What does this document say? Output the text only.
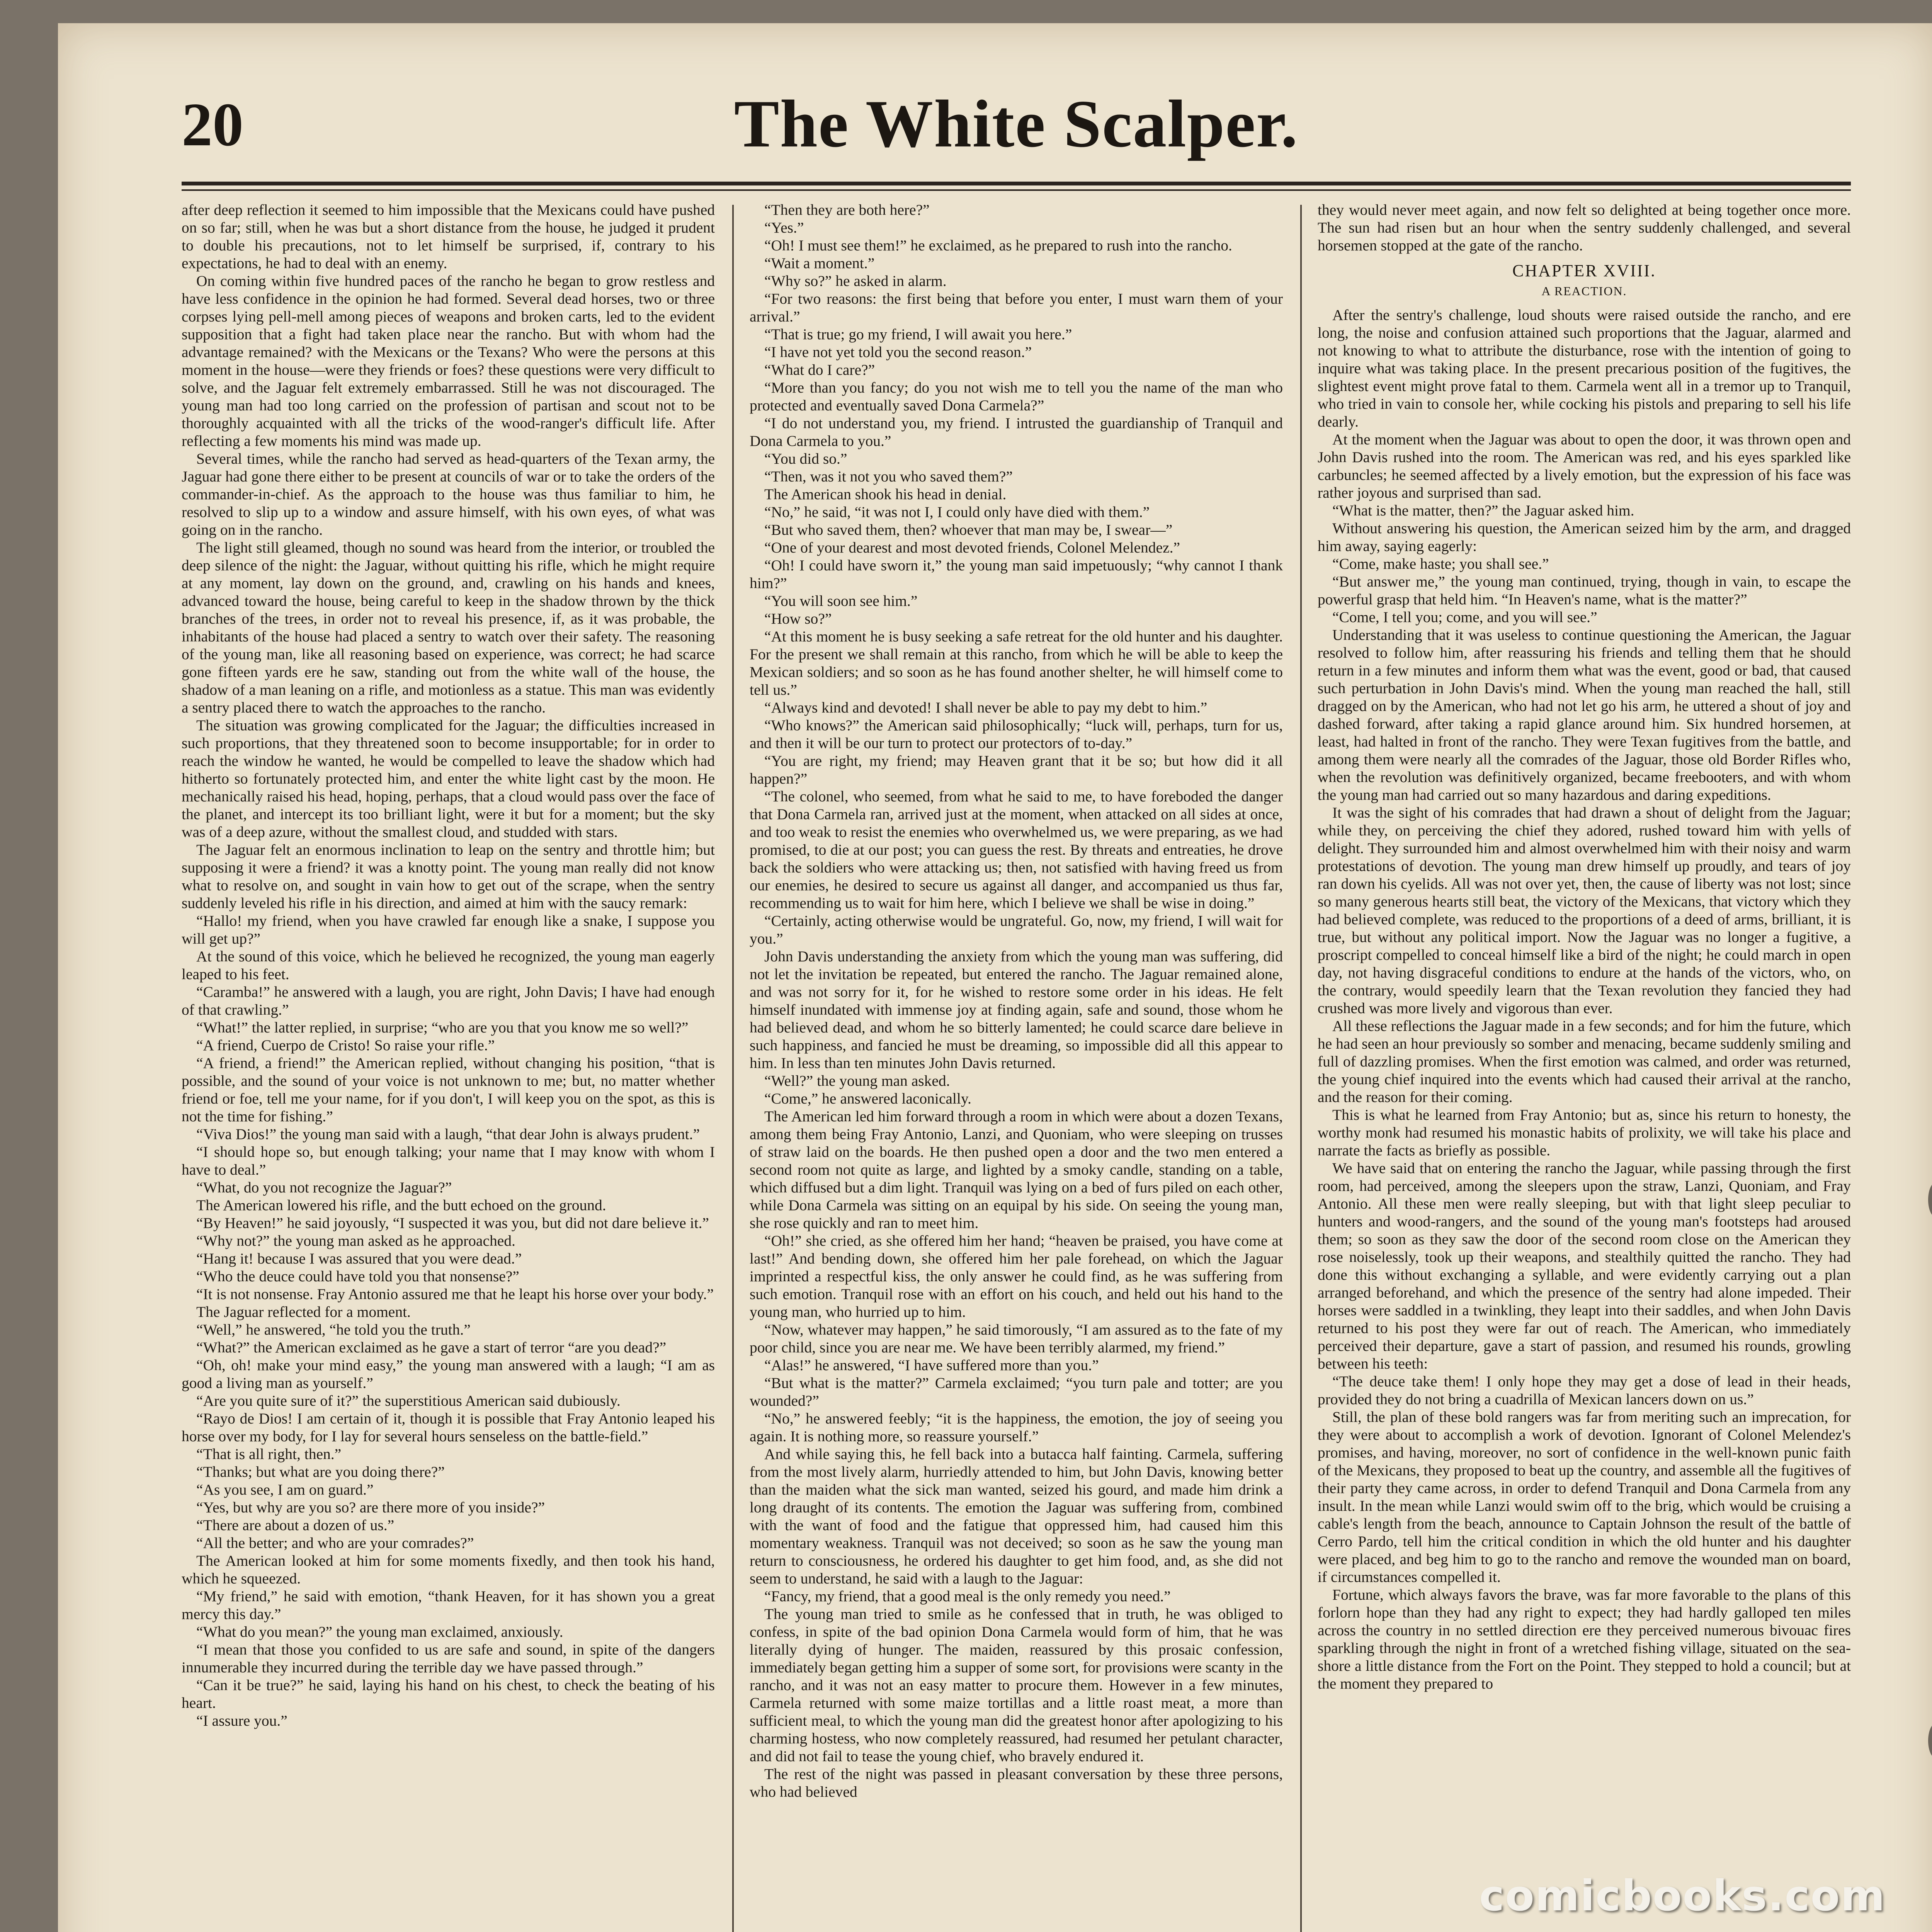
20	The White Scalper.

after deep reflection it seemed to him impossible that the Mexicans could have pushed on so far; still, when he was but a short distance from the house, he judged it prudent to double his precautions, not to let himself be surprised, if, contrary to his expectations, he had to deal with an enemy.

On coming within five hundred paces of the rancho he began to grow restless and have less confidence in the opinion he had formed. Several dead horses, two or three corpses lying pell-mell among pieces of weapons and broken carts, led to the evident supposition that a fight had taken place near the rancho. But with whom had the advantage remained? with the Mexicans or the Texans? Who were the persons at this moment in the house—were they friends or foes? these questions were very difficult to solve, and the Jaguar felt extremely embarrassed. Still he was not discouraged. The young man had too long carried on the profession of partisan and scout not to be thoroughly acquainted with all the tricks of the wood-ranger's difficult life. After reflecting a few moments his mind was made up.

Several times, while the rancho had served as head-quarters of the Texan army, the Jaguar had gone there either to be present at councils of war or to take the orders of the commander-in-chief. As the approach to the house was thus familiar to him, he resolved to slip up to a window and assure himself, with his own eyes, of what was going on in the rancho.

The light still gleamed, though no sound was heard from the interior, or troubled the deep silence of the night: the Jaguar, without quitting his rifle, which he might require at any moment, lay down on the ground, and, crawling on his hands and knees, advanced toward the house, being careful to keep in the shadow thrown by the thick branches of the trees, in order not to reveal his presence, if, as it was probable, the inhabitants of the house had placed a sentry to watch over their safety. The reasoning of the young man, like all reasoning based on experience, was correct; he had scarce gone fifteen yards ere he saw, standing out from the white wall of the house, the shadow of a man leaning on a rifle, and motionless as a statue. This man was evidently a sentry placed there to watch the approaches to the rancho.

The situation was growing complicated for the Jaguar; the difficulties increased in such proportions, that they threatened soon to become insupportable; for in order to reach the window he wanted, he would be compelled to leave the shadow which had hitherto so fortunately protected him, and enter the white light cast by the moon. He mechanically raised his head, hoping, perhaps, that a cloud would pass over the face of the planet, and intercept its too brilliant light, were it but for a moment; but the sky was of a deep azure, without the smallest cloud, and studded with stars.

The Jaguar felt an enormous inclination to leap on the sentry and throttle him; but supposing it were a friend? it was a knotty point. The young man really did not know what to resolve on, and sought in vain how to get out of the scrape, when the sentry suddenly leveled his rifle in his direction, and aimed at him with the saucy remark:

“Hallo! my friend, when you have crawled far enough like a snake, I suppose you will get up?”

At the sound of this voice, which he believed he recognized, the young man eagerly leaped to his feet.

“Caramba!” he answered with a laugh, you are right, John Davis; I have had enough of that crawling.”

“What!” the latter replied, in surprise; “who are you that you know me so well?”

“A friend, Cuerpo de Cristo! So raise your rifle.”

“A friend, a friend!” the American replied, without changing his position, “that is possible, and the sound of your voice is not unknown to me; but, no matter whether friend or foe, tell me your name, for if you don't, I will keep you on the spot, as this is not the time for fishing.”

“Viva Dios!” the young man said with a laugh, “that dear John is always prudent.”

“I should hope so, but enough talking; your name that I may know with whom I have to deal.”

“What, do you not recognize the Jaguar?”

The American lowered his rifle, and the butt echoed on the ground.

“By Heaven!” he said joyously, “I suspected it was you, but did not dare believe it.”

“Why not?” the young man asked as he approached.

“Hang it! because I was assured that you were dead.”

“Who the deuce could have told you that nonsense?”

“It is not nonsense. Fray Antonio assured me that he leapt his horse over your body.”

The Jaguar reflected for a moment.

“Well,” he answered, “he told you the truth.”

“What?” the American exclaimed as he gave a start of terror “are you dead?”

“Oh, oh! make your mind easy,” the young man answered with a laugh; “I am as good a living man as yourself.”

“Are you quite sure of it?” the superstitious American said dubiously.

“Rayo de Dios! I am certain of it, though it is possible that Fray Antonio leaped his horse over my body, for I lay for several hours senseless on the battle-field.”

“That is all right, then.”

“Thanks; but what are you doing there?”

“As you see, I am on guard.”

“Yes, but why are you so? are there more of you inside?”

“There are about a dozen of us.”

“All the better; and who are your comrades?”

The American looked at him for some moments fixedly, and then took his hand, which he squeezed.

“My friend,” he said with emotion, “thank Heaven, for it has shown you a great mercy this day.”

“What do you mean?” the young man exclaimed, anxiously.

“I mean that those you confided to us are safe and sound, in spite of the dangers innumerable they incurred during the terrible day we have passed through.”

“Can it be true?” he said, laying his hand on his chest, to check the beating of his heart.

“I assure you.”

“Then they are both here?”

“Yes.”

“Oh! I must see them!” he exclaimed, as he prepared to rush into the rancho.

“Wait a moment.”

“Why so?” he asked in alarm.

“For two reasons: the first being that before you enter, I must warn them of your arrival.”

“That is true; go my friend, I will await you here.”

“I have not yet told you the second reason.”

“What do I care?”

“More than you fancy; do you not wish me to tell you the name of the man who protected and eventually saved Dona Carmela?”

“I do not understand you, my friend. I intrusted the guardianship of Tranquil and Dona Carmela to you.”

“You did so.”

“Then, was it not you who saved them?”

The American shook his head in denial.

“No,” he said, “it was not I, I could only have died with them.”

“But who saved them, then? whoever that man may be, I swear—”

“One of your dearest and most devoted friends, Colonel Melendez.”

“Oh! I could have sworn it,” the young man said impetuously; “why cannot I thank him?”

“You will soon see him.”

“How so?”

“At this moment he is busy seeking a safe retreat for the old hunter and his daughter. For the present we shall remain at this rancho, from which he will be able to keep the Mexican soldiers; and so soon as he has found another shelter, he will himself come to tell us.”

“Always kind and devoted! I shall never be able to pay my debt to him.”

“Who knows?” the American said philosophically; “luck will, perhaps, turn for us, and then it will be our turn to protect our protectors of to-day.”

“You are right, my friend; may Heaven grant that it be so; but how did it all happen?”

“The colonel, who seemed, from what he said to me, to have foreboded the danger that Dona Carmela ran, arrived just at the moment, when attacked on all sides at once, and too weak to resist the enemies who overwhelmed us, we were preparing, as we had promised, to die at our post; you can guess the rest. By threats and entreaties, he drove back the soldiers who were attacking us; then, not satisfied with having freed us from our enemies, he desired to secure us against all danger, and accompanied us thus far, recommending us to wait for him here, which I believe we shall be wise in doing.”

“Certainly, acting otherwise would be ungrateful. Go, now, my friend, I will wait for you.”

John Davis understanding the anxiety from which the young man was suffering, did not let the invitation be repeated, but entered the rancho. The Jaguar remained alone, and was not sorry for it, for he wished to restore some order in his ideas. He felt himself inundated with immense joy at finding again, safe and sound, those whom he had believed dead, and whom he so bitterly lamented; he could scarce dare believe in such happiness, and fancied he must be dreaming, so impossible did all this appear to him. In less than ten minutes John Davis returned.

“Well?” the young man asked.

“Come,” he answered laconically.

The American led him forward through a room in which were about a dozen Texans, among them being Fray Antonio, Lanzi, and Quoniam, who were sleeping on trusses of straw laid on the boards. He then pushed open a door and the two men entered a second room not quite as large, and lighted by a smoky candle, standing on a table, which diffused but a dim light. Tranquil was lying on a bed of furs piled on each other, while Dona Carmela was sitting on an equipal by his side. On seeing the young man, she rose quickly and ran to meet him.

“Oh!” she cried, as she offered him her hand; “heaven be praised, you have come at last!” And bending down, she offered him her pale forehead, on which the Jaguar imprinted a respectful kiss, the only answer he could find, as he was suffering from such emotion. Tranquil rose with an effort on his couch, and held out his hand to the young man, who hurried up to him.

“Now, whatever may happen,” he said timorously, “I am assured as to the fate of my poor child, since you are near me. We have been terribly alarmed, my friend.”

“Alas!” he answered, “I have suffered more than you.”

“But what is the matter?” Carmela exclaimed; “you turn pale and totter; are you wounded?”

“No,” he answered feebly; “it is the happiness, the emotion, the joy of seeing you again. It is nothing more, so reassure yourself.”

And while saying this, he fell back into a butacca half fainting. Carmela, suffering from the most lively alarm, hurriedly attended to him, but John Davis, knowing better than the maiden what the sick man wanted, seized his gourd, and made him drink a long draught of its contents. The emotion the Jaguar was suffering from, combined with the want of food and the fatigue that oppressed him, had caused him this momentary weakness. Tranquil was not deceived; so soon as he saw the young man return to consciousness, he ordered his daughter to get him food, and, as she did not seem to understand, he said with a laugh to the Jaguar:

“Fancy, my friend, that a good meal is the only remedy you need.”

The young man tried to smile as he confessed that in truth, he was obliged to confess, in spite of the bad opinion Dona Carmela would form of him, that he was literally dying of hunger. The maiden, reassured by this prosaic confession, immediately began getting him a supper of some sort, for provisions were scanty in the rancho, and it was not an easy matter to procure them. However in a few minutes, Carmela returned with some maize tortillas and a little roast meat, a more than sufficient meal, to which the young man did the greatest honor after apologizing to his charming hostess, who now completely reassured, had resumed her petulant character, and did not fail to tease the young chief, who bravely endured it.

The rest of the night was passed in pleasant conversation by these three persons, who had believed

they would never meet again, and now felt so delighted at being together once more. The sun had risen but an hour when the sentry suddenly challenged, and several horsemen stopped at the gate of the rancho.

CHAPTER XVIII.
A REACTION.

After the sentry's challenge, loud shouts were raised outside the rancho, and ere long, the noise and confusion attained such proportions that the Jaguar, alarmed and not knowing to what to attribute the disturbance, rose with the intention of going to inquire what was taking place. In the present precarious position of the fugitives, the slightest event might prove fatal to them. Carmela went all in a tremor up to Tranquil, who tried in vain to console her, while cocking his pistols and preparing to sell his life dearly.

At the moment when the Jaguar was about to open the door, it was thrown open and John Davis rushed into the room. The American was red, and his eyes sparkled like carbuncles; he seemed affected by a lively emotion, but the expression of his face was rather joyous and surprised than sad.

“What is the matter, then?” the Jaguar asked him.

Without answering his question, the American seized him by the arm, and dragged him away, saying eagerly:

“Come, make haste; you shall see.”

“But answer me,” the young man continued, trying, though in vain, to escape the powerful grasp that held him. “In Heaven's name, what is the matter?”

“Come, I tell you; come, and you will see.”

Understanding that it was useless to continue questioning the American, the Jaguar resolved to follow him, after reassuring his friends and telling them that he should return in a few minutes and inform them what was the event, good or bad, that caused such perturbation in John Davis's mind. When the young man reached the hall, still dragged on by the American, who had not let go his arm, he uttered a shout of joy and dashed forward, after taking a rapid glance around him. Six hundred horsemen, at least, had halted in front of the rancho. They were Texan fugitives from the battle, and among them were nearly all the comrades of the Jaguar, those old Border Rifles who, when the revolution was definitively organized, became freebooters, and with whom the young man had carried out so many hazardous and daring expeditions.

It was the sight of his comrades that had drawn a shout of delight from the Jaguar; while they, on perceiving the chief they adored, rushed toward him with yells of delight. They surrounded him and almost overwhelmed him with their noisy and warm protestations of devotion. The young man drew himself up proudly, and tears of joy ran down his cyelids. All was not over yet, then, the cause of liberty was not lost; since so many generous hearts still beat, the victory of the Mexicans, that victory which they had believed complete, was reduced to the proportions of a deed of arms, brilliant, it is true, but without any political import. Now the Jaguar was no longer a fugitive, a proscript compelled to conceal himself like a bird of the night; he could march in open day, not having disgraceful conditions to endure at the hands of the victors, who, on the contrary, would speedily learn that the Texan revolution they fancied they had crushed was more lively and vigorous than ever.

All these reflections the Jaguar made in a few seconds; and for him the future, which he had seen an hour previously so somber and menacing, became suddenly smiling and full of dazzling promises. When the first emotion was calmed, and order was returned, the young chief inquired into the events which had caused their arrival at the rancho, and the reason for their coming.

This is what he learned from Fray Antonio; but as, since his return to honesty, the worthy monk had resumed his monastic habits of prolixity, we will take his place and narrate the facts as briefly as possible.

We have said that on entering the rancho the Jaguar, while passing through the first room, had perceived, among the sleepers upon the straw, Lanzi, Quoniam, and Fray Antonio. All these men were really sleeping, but with that light sleep peculiar to hunters and wood-rangers, and the sound of the young man's footsteps had aroused them; so soon as they saw the door of the second room close on the American they rose noiselessly, took up their weapons, and stealthily quitted the rancho. They had done this without exchanging a syllable, and were evidently carrying out a plan arranged beforehand, and which the presence of the sentry had alone impeded. Their horses were saddled in a twinkling, they leapt into their saddles, and when John Davis returned to his post they were far out of reach. The American, who immediately perceived their departure, gave a start of passion, and resumed his rounds, growling between his teeth:

“The deuce take them! I only hope they may get a dose of lead in their heads, provided they do not bring a cuadrilla of Mexican lancers down on us.”

Still, the plan of these bold rangers was far from meriting such an imprecation, for they were about to accomplish a work of devotion. Ignorant of Colonel Melendez's promises, and having, moreover, no sort of confidence in the well-known punic faith of the Mexicans, they proposed to beat up the country, and assemble all the fugitives of their party they came across, in order to defend Tranquil and Dona Carmela from any insult. In the mean while Lanzi would swim off to the brig, which would be cruising a cable's length from the beach, announce to Captain Johnson the result of the battle of Cerro Pardo, tell him the critical condition in which the old hunter and his daughter were placed, and beg him to go to the rancho and remove the wounded man on board, if circumstances compelled it.

Fortune, which always favors the brave, was far more favorable to the plans of this forlorn hope than they had any right to expect; they had hardly galloped ten miles across the country in no settled direction ere they perceived numerous bivouac fires sparkling through the night in front of a wretched fishing village, situated on the sea-shore a little distance from the Fort on the Point. They stepped to hold a council; but at the moment they prepared to

comicbooks.com
